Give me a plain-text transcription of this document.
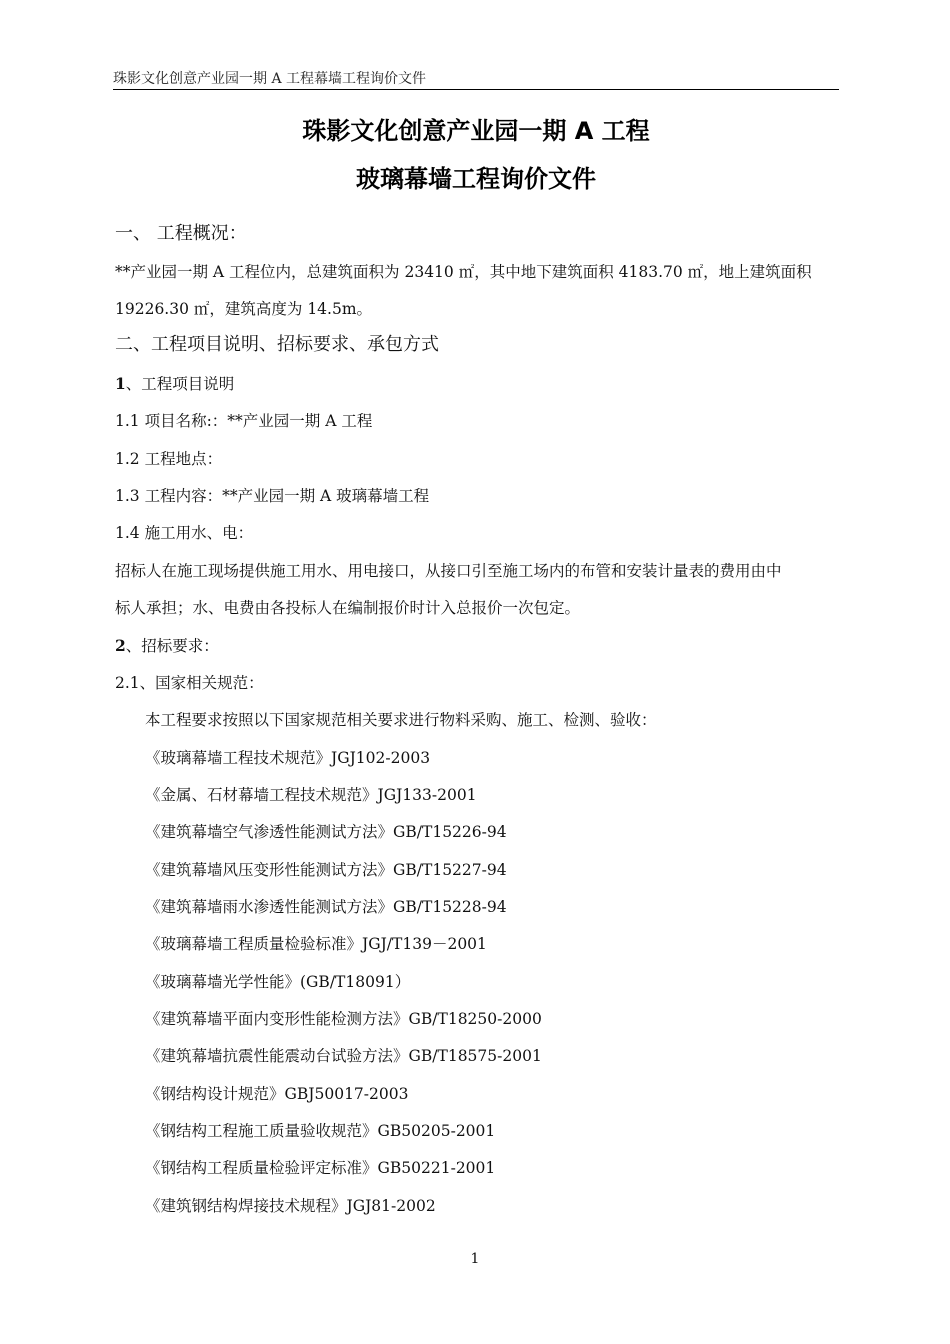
珠影文化创意产业园一期 A 工程幕墙工程询价文件
珠影文化创意产业园一期 A 工程
玻璃幕墙工程询价文件
一、 工程概况：
**产业园一期 A 工程位内，总建筑面积为 23410 ㎡，其中地下建筑面积 4183.70 ㎡，地上建筑面积
19226.30 ㎡，建筑高度为 14.5m。
二、工程项目说明、招标要求、承包方式
1、工程项目说明
1.1 项目名称:：**产业园一期 A 工程
1.2 工程地点：
1.3 工程内容：**产业园一期 A 玻璃幕墙工程
1.4 施工用水、电：
招标人在施工现场提供施工用水、用电接口，从接口引至施工场内的布管和安装计量表的费用由中
标人承担；水、电费由各投标人在编制报价时计入总报价一次包定。
2、招标要求：
2.1、国家相关规范：
本工程要求按照以下国家规范相关要求进行物料采购、施工、检测、验收：
《玻璃幕墙工程技术规范》JGJ102-2003
《金属、石材幕墙工程技术规范》JGJ133-2001
《建筑幕墙空气渗透性能测试方法》GB/T15226-94
《建筑幕墙风压变形性能测试方法》GB/T15227-94
《建筑幕墙雨水渗透性能测试方法》GB/T15228-94
《玻璃幕墙工程质量检验标准》JGJ/T139－2001
《玻璃幕墙光学性能》(GB/T18091）
《建筑幕墙平面内变形性能检测方法》GB/T18250-2000
《建筑幕墙抗震性能震动台试验方法》GB/T18575-2001
《钢结构设计规范》GBJ50017-2003
《钢结构工程施工质量验收规范》GB50205-2001
《钢结构工程质量检验评定标准》GB50221-2001
《建筑钢结构焊接技术规程》JGJ81-2002
1
